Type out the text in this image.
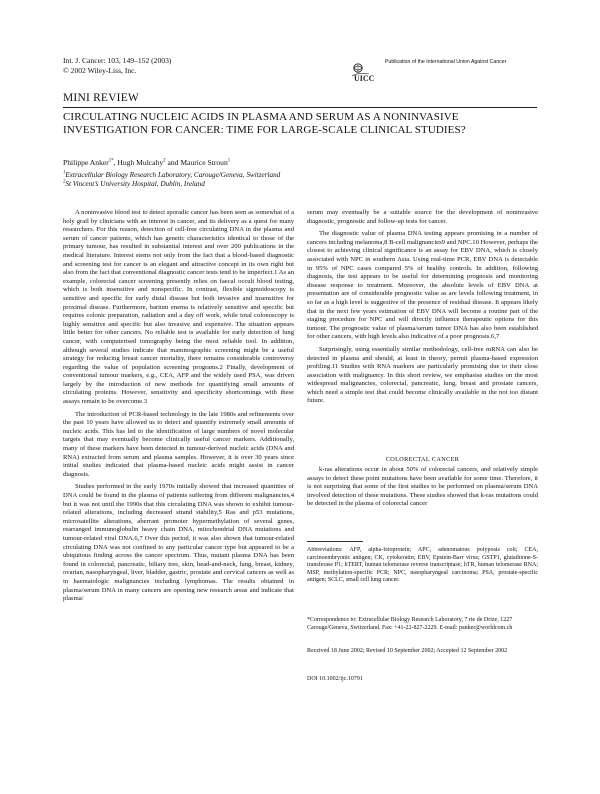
Int. J. Cancer: 103, 149–152 (2003)
© 2002 Wiley-Liss, Inc.
UICC
Publication of the International Union Against Cancer
MINI REVIEW
CIRCULATING NUCLEIC ACIDS IN PLASMA AND SERUM AS A NONINVASIVE INVESTIGATION FOR CANCER: TIME FOR LARGE-SCALE CLINICAL STUDIES?
Philippe Anker$^{1*}$, Hugh Mulcahy$^2$ and Maurice Stroun$^1$
$^1$Extracellular Biology Research Laboratory, Carouge/Geneva, Switzerland
$^2$St Vincent’s University Hospital, Dublin, Ireland

A noninvasive blood test to detect sporadic cancer has been seen as somewhat of a holy grail by clinicians with an interest in cancer, and its delivery as a quest for many researchers. For this reason, detection of cell-free circulating DNA in the plasma and serum of cancer patients, which has genetic characteristics identical to those of the primary tumour, has resulted in substantial interest and over 200 publications in the medical literature. Interest stems not only from the fact that a blood-based diagnostic and screening test for cancer is an elegant and attractive concept in its own right but also from the fact that conventional diagnostic cancer tests tend to be imperfect.1 As an example, colorectal cancer screening presently relies on faecal occult blood testing, which is both insensitive and nonspecific. In contrast, flexible sigmoidoscopy is sensitive and specific for early distal disease but both invasive and insensitive for proximal disease. Furthermore, barium enema is relatively sensitive and specific but requires colonic preparation, radiation and a day off work, while total colonoscopy is highly sensitive and specific but also invasive and expensive. The situation appears little better for other cancers. No reliable test is available for early detection of lung cancer, with computerised tomography being the most reliable tool. In addition, although several studies indicate that mammographic screening might be a useful strategy for reducing breast cancer mortality, there remains considerable controversy regarding the value of population screening programs.2 Finally, development of conventional tumour markers, e.g., CEA, AFP and the widely used PSA, was driven largely by the introduction of new methods for quantifying small amounts of circulating proteins. However, sensitivity and specificity shortcomings with these assays remain to be overcome.3

The introduction of PCR-based technology in the late 1980s and refinements over the past 10 years have allowed us to detect and quantify extremely small amounts of nucleic acids. This has led to the identification of large numbers of novel molecular targets that may eventually become clinically useful cancer markers. Additionally, many of these markers have been detected in tumour-derived nucleic acids (DNA and RNA) extracted from serum and plasma samples. However, it is over 30 years since initial studies indicated that plasma-based nucleic acids might assist in cancer diagnosis.

Studies performed in the early 1970s initially showed that increased quantities of DNA could be found in the plasma of patients suffering from different malignancies,4 but it was not until the 1990s that this circulating DNA was shown to exhibit tumour-related alterations, including decreased strand stability,5 Ras and p53 mutations, microsatellite alterations, aberrant promoter hypermethylation of several genes, rearranged immunoglobulin heavy chain DNA, mitochondrial DNA mutations and tumour-related viral DNA.6,7 Over this period, it was also shown that tumour-related circulating DNA was not confined to any particular cancer type but appeared to be a ubiquitous finding across the cancer spectrum. Thus, mutant plasma DNA has been found in colorectal, pancreatic, biliary tree, skin, head-and-neck, lung, breast, kidney, ovarian, nasopharyngeal, liver, bladder, gastric, prostate and cervical cancers as well as in haematologic malignancies including lymphomas. The results obtained in plasma/serum DNA in many cancers are opening new research areas and indicate that plasma/

serum may eventually be a suitable source for the development of noninvasive diagnostic, prognostic and follow-up tests for cancer.

The diagnostic value of plasma DNA testing appears promising in a number of cancers including melanoma,8 B-cell malignancies9 and NPC.10 However, perhaps the closest to achieving clinical significance is an assay for EBV DNA, which is closely associated with NPC in southern Asia. Using real-time PCR, EBV DNA is detectable in 95% of NPC cases compared 5% of healthy controls. In addition, following diagnosis, the test appears to be useful for determining prognosis and monitoring disease response to treatment. Moreover, the absolute levels of EBV DNA at presentation are of considerable prognostic value as are levels following treatment, in so far as a high level is suggestive of the presence of residual disease. It appears likely that in the next few years estimation of EBV DNA will become a routine part of the staging procedure for NPC and will directly influence therapeutic options for this tumour. The prognostic value of plasma/serum tumor DNA has also been established for other cancers, with high levels also indicative of a poor prognosis.6,7

Surprisingly, using essentially similar methodology, cell-free mRNA can also be detected in plasma and should, at least in theory, permit plasma-based expression profiling.11 Studies with RNA markers are particularly promising due to their close association with malignancy. In this short review, we emphasise studies on the most widespread malignancies, colorectal, pancreatic, lung, breast and prostate cancers, which need a simple test that could become clinically available in the not too distant future.

COLORECTAL CANCER

k-ras alterations occur in about 50% of colorectal cancers, and relatively simple assays to detect these point mutations have been available for some time. Therefore, it is not surprising that some of the first studies to be performed on plasma/serum DNA involved detection of these mutations. These studies showed that k-ras mutations could be detected in the plasma of colorectal cancer

Abbreviations: AFP, alpha-fetoprotein; APC, adenomatous polyposis coli; CEA, carcinoembryonic antigen; CK, cytokeratin; EBV, Epstein-Barr virus; GSTP1, glutathione-S-transferase P1; hTERT, human telomerase reverse transcriptase; hTR, human telomerase RNA; MSP, methylation-specific PCR; NPC, nasopharyngeal carcinoma; PSA, prostate-specific antigen; SCLC, small cell lung cancer.
*Correspondence to: Extracellular Biology Research Laboratory, 7 rte de Drize, 1227 Carouge/Geneva, Switzerland. Fax: +41-22-827-2229. E-mail: panker@worldcom.ch
Received 18 June 2002; Revised 10 September 2002; Accepted 12 September 2002
DOI 10.1002/ijc.10791
